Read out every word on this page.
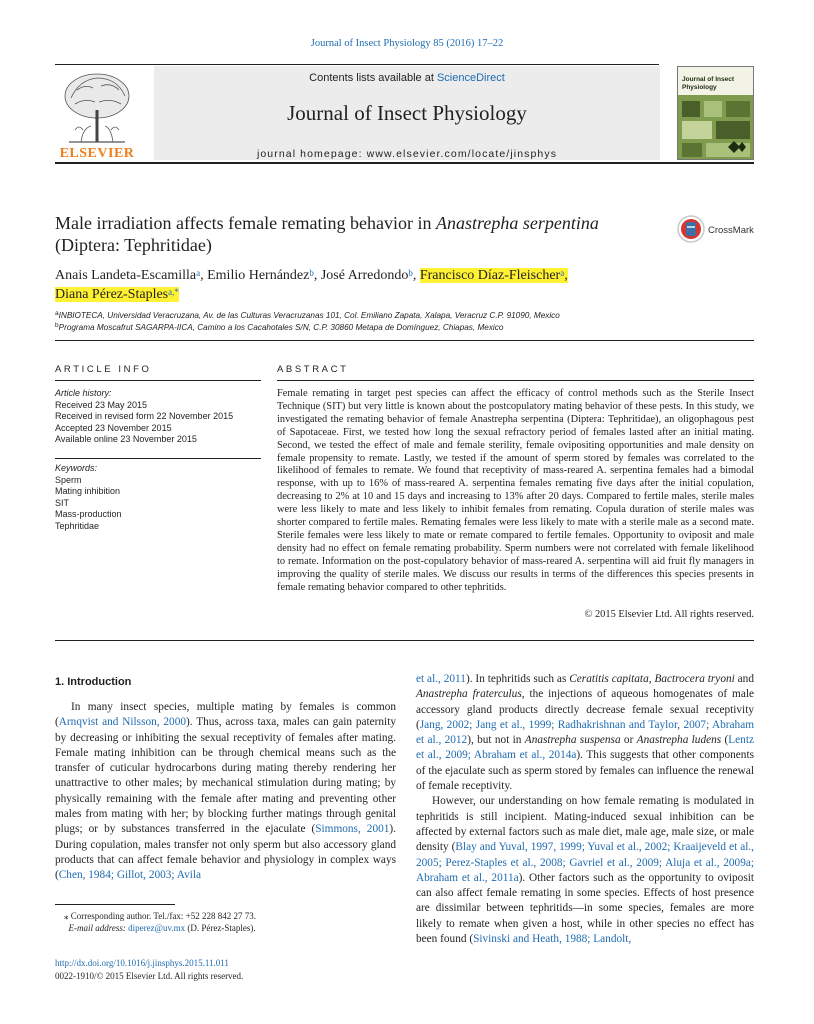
Journal of Insect Physiology 85 (2016) 17–22
Contents lists available at ScienceDirect
Journal of Insect Physiology
journal homepage: www.elsevier.com/locate/jinsphys
ELSEVIER
Journal of Insect Physiology
Male irradiation affects female remating behavior in Anastrepha serpentina (Diptera: Tephritidae)
CrossMark
Anais Landeta-Escamilla$^a$, Emilio Hernández$^b$, José Arredondo$^b$, Francisco Díaz-Fleischer$^a$,
Diana Pérez-Staples$^{a,*}$
$^a$INBIOTECA, Universidad Veracruzana, Av. de las Culturas Veracruzanas 101, Col. Emiliano Zapata, Xalapa, Veracruz C.P. 91090, Mexico
$^b$Programa Moscafrut SAGARPA-IICA, Camino a los Cacahotales S/N, C.P. 30860 Metapa de Domínguez, Chiapas, Mexico
ARTICLE INFO
Article history:
Received 23 May 2015
Received in revised form 22 November 2015
Accepted 23 November 2015
Available online 23 November 2015
Keywords:
Sperm
Mating inhibition
SIT
Mass-production
Tephritidae
ABSTRACT
Female remating in target pest species can affect the efficacy of control methods such as the Sterile Insect Technique (SIT) but very little is known about the postcopulatory mating behavior of these pests. In this study, we investigated the remating behavior of female Anastrepha serpentina (Diptera: Tephritidae), an oligophagous pest of Sapotaceae. First, we tested how long the sexual refractory period of females lasted after an initial mating. Second, we tested the effect of male and female sterility, female ovipositing opportunities and male density on female propensity to remate. Lastly, we tested if the amount of sperm stored by females was correlated to the likelihood of females to remate. We found that receptivity of mass-reared A. serpentina females had a bimodal response, with up to 16% of mass-reared A. serpentina females remating five days after the initial copulation, decreasing to 2% at 10 and 15 days and increasing to 13% after 20 days. Compared to fertile males, sterile males were less likely to mate and less likely to inhibit females from remating. Copula duration of sterile males was shorter compared to fertile males. Remating females were less likely to mate with a sterile male as a second mate. Sterile females were less likely to mate or remate compared to fertile females. Opportunity to oviposit and male density had no effect on female remating probability. Sperm numbers were not correlated with female likelihood to remate. Information on the post-copulatory behavior of mass-reared A. serpentina will aid fruit fly managers in improving the quality of sterile males. We discuss our results in terms of the differences this species presents in female remating behavior compared to other tephritids.
© 2015 Elsevier Ltd. All rights reserved.
1. Introduction

In many insect species, multiple mating by females is common (Arnqvist and Nilsson, 2000). Thus, across taxa, males can gain paternity by decreasing or inhibiting the sexual receptivity of females after mating. Female mating inhibition can be through chemical means such as the transfer of cuticular hydrocarbons during mating thereby rendering her unattractive to other males; by mechanical stimulation during mating; by physically remaining with the female after mating and preventing other males from mating with her; by blocking further matings through genital plugs; or by substances transferred in the ejaculate (Simmons, 2001). During copulation, males transfer not only sperm but also accessory gland products that can affect female behavior and physiology in complex ways (Chen, 1984; Gillot, 2003; Avila

et al., 2011). In tephritids such as Ceratitis capitata, Bactrocera tryoni and Anastrepha fraterculus, the injections of aqueous homogenates of male accessory gland products directly decrease female sexual receptivity (Jang, 2002; Jang et al., 1999; Radhakrishnan and Taylor, 2007; Abraham et al., 2012), but not in Anastrepha suspensa or Anastrepha ludens (Lentz et al., 2009; Abraham et al., 2014a). This suggests that other components of the ejaculate such as sperm stored by females can influence the renewal of female receptivity.

However, our understanding on how female remating is modulated in tephritids is still incipient. Mating-induced sexual inhibition can be affected by external factors such as male diet, male age, male size, or male density (Blay and Yuval, 1997, 1999; Yuval et al., 2002; Kraaijeveld et al., 2005; Perez-Staples et al., 2008; Gavriel et al., 2009; Aluja et al., 2009a; Abraham et al., 2011a). Other factors such as the opportunity to oviposit can also affect female remating in some species. Effects of host presence are dissimilar between tephritids—in some species, females are more likely to remate when given a host, while in other species no effect has been found (Sivinski and Heath, 1988; Landolt,

⁎ Corresponding author. Tel./fax: +52 228 842 27 73.
E-mail address: diperez@uv.mx (D. Pérez-Staples).
http://dx.doi.org/10.1016/j.jinsphys.2015.11.011
0022-1910/© 2015 Elsevier Ltd. All rights reserved.
